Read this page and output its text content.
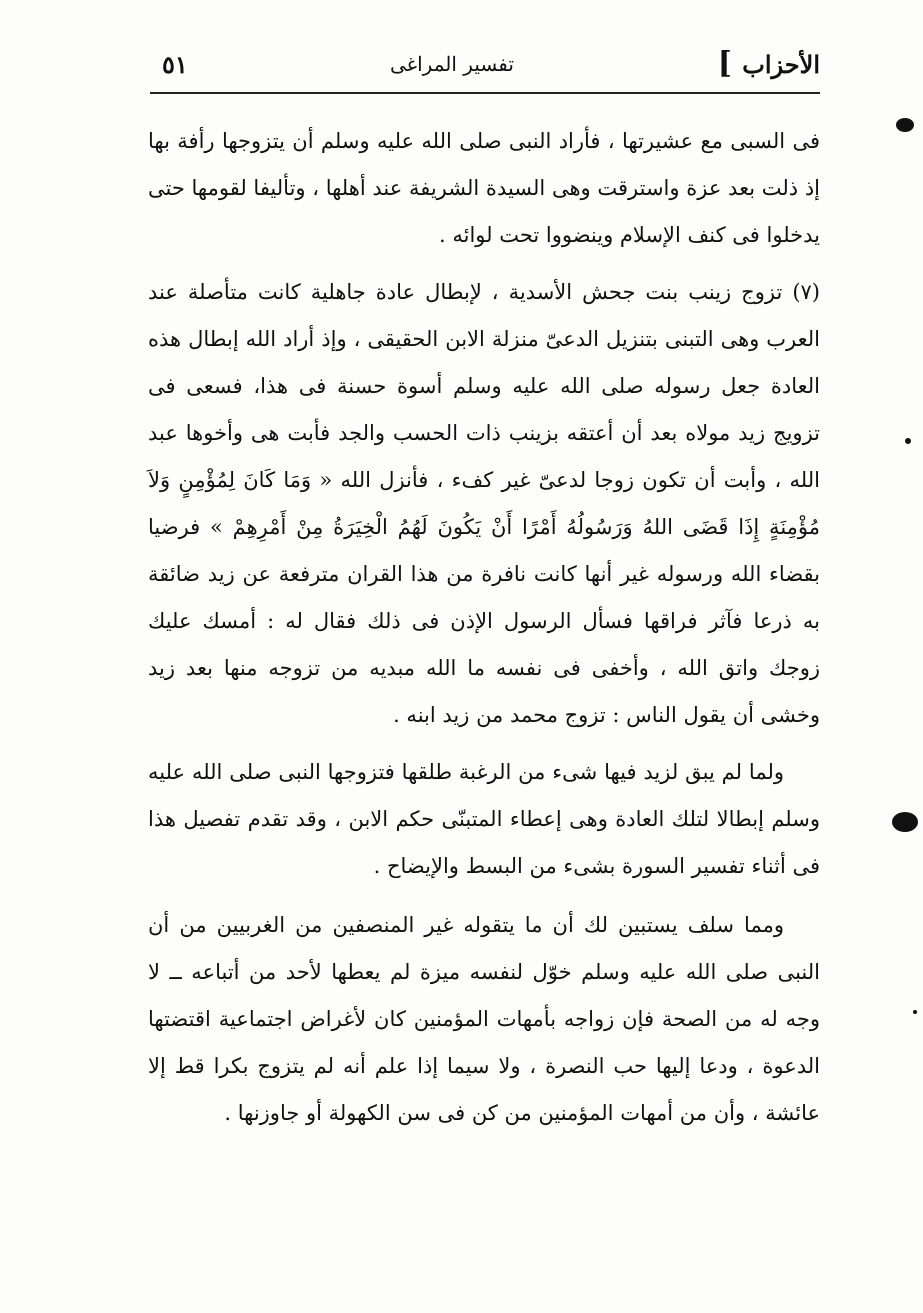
الأحزاب
]
تفسير المراغى
٥١

فى السبى مع عشيرتها ، فأراد النبى صلى الله عليه وسلم أن يتزوجها رأفة بها إذ ذلت بعد عزة واسترقت وهى السيدة الشريفة عند أهلها ، وتأليفا لقومها حتى يدخلوا فى كنف الإسلام وينضووا تحت لوائه .

(٧) تزوج زينب بنت جحش الأسدية ، لإبطال عادة جاهلية كانت متأصلة عند العرب وهى التبنى بتنزيل الدعىّ منزلة الابن الحقيقى ، وإذ أراد الله إبطال هذه العادة جعل رسوله صلى الله عليه وسلم أسوة حسنة فى هذا، فسعى فى تزويج زيد مولاه بعد أن أعتقه بزينب ذات الحسب والجد فأبت هى وأخوها عبد الله ، وأبت أن تكون زوجا لدعىّ غير كفء ، فأنزل الله « وَمَا كَانَ لِمُؤْمِنٍ وَلاَ مُؤْمِنَةٍ إِذَا قَضَى اللهُ وَرَسُولُهُ أَمْرًا أَنْ يَكُونَ لَهُمُ الْخِيَرَةُ مِنْ أَمْرِهِمْ » فرضيا بقضاء الله ورسوله غير أنها كانت نافرة من هذا القران مترفعة عن زيد ضائقة به ذرعا فآثر فراقها فسأل الرسول الإذن فى ذلك فقال له : أمسك عليك زوجك واتق الله ، وأخفى فى نفسه ما الله مبديه من تزوجه منها بعد زيد وخشى أن يقول الناس : تزوج محمد من زيد ابنه .

ولما لم يبق لزيد فيها شىء من الرغبة طلقها فتزوجها النبى صلى الله عليه وسلم إبطالا لتلك العادة وهى إعطاء المتبنّى حكم الابن ، وقد تقدم تفصيل هذا فى أثناء تفسير السورة بشىء من البسط والإيضاح .

ومما سلف يستبين لك أن ما يتقوله غير المنصفين من الغربيين من أن النبى صلى الله عليه وسلم خوّل لنفسه ميزة لم يعطها لأحد من أتباعه ــ لا وجه له من الصحة فإن زواجه بأمهات المؤمنين كان لأغراض اجتماعية اقتضتها الدعوة ، ودعا إليها حب النصرة ، ولا سيما إذا علم أنه لم يتزوج بكرا قط إلا عائشة ، وأن من أمهات المؤمنين من كن فى سن الكهولة أو جاوزنها .
